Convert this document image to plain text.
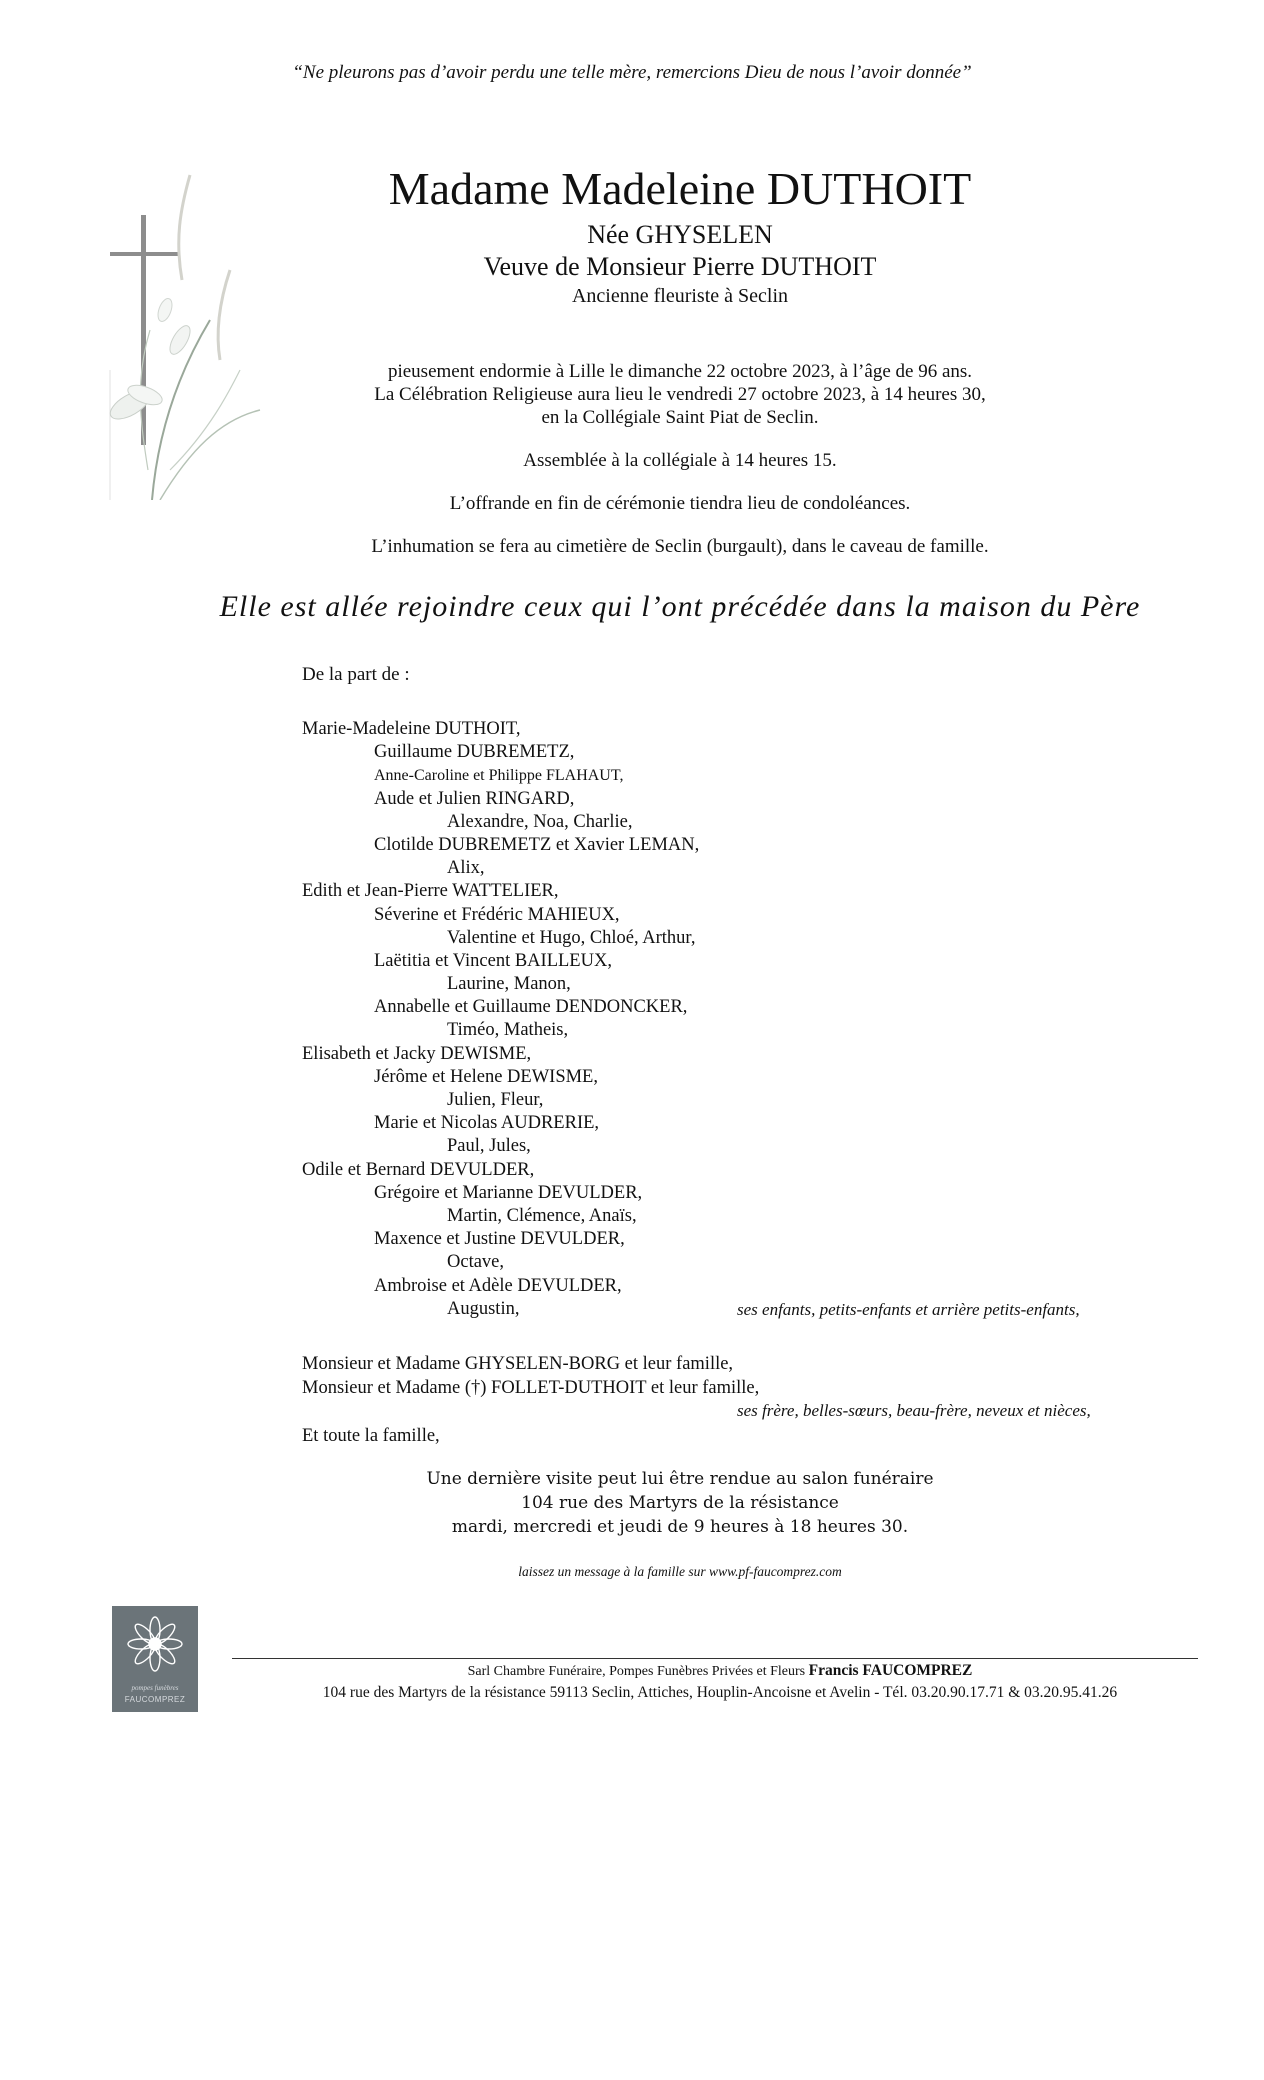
“Ne pleurons pas d’avoir perdu une telle mère, remercions Dieu de nous l’avoir donnée”
Madame Madeleine DUTHOIT
Née GHYSELEN
Veuve de Monsieur Pierre DUTHOIT
Ancienne fleuriste à Seclin
pieusement endormie à Lille le dimanche 22 octobre 2023, à l’âge de 96 ans.
La Célébration Religieuse aura lieu le vendredi 27 octobre 2023, à 14 heures 30,
en la Collégiale Saint Piat de Seclin.
Assemblée à la collégiale à 14 heures 15.
L’offrande en fin de cérémonie tiendra lieu de condoléances.
L’inhumation se fera au cimetière de Seclin (burgault), dans le caveau de famille.
Elle est allée rejoindre ceux qui l’ont précédée dans la maison du Père
De la part de :
Marie-Madeleine DUTHOIT,
Guillaume DUBREMETZ,
Anne-Caroline et Philippe FLAHAUT,
Aude et Julien RINGARD,
Alexandre, Noa, Charlie,
Clotilde DUBREMETZ et Xavier LEMAN,
Alix,
Edith et Jean-Pierre WATTELIER,
Séverine et Frédéric MAHIEUX,
Valentine et Hugo, Chloé, Arthur,
Laëtitia et Vincent BAILLEUX,
Laurine, Manon,
Annabelle et Guillaume DENDONCKER,
Timéo, Matheis,
Elisabeth et Jacky DEWISME,
Jérôme et Helene DEWISME,
Julien, Fleur,
Marie et Nicolas AUDRERIE,
Paul, Jules,
Odile et Bernard DEVULDER,
Grégoire et Marianne DEVULDER,
Martin, Clémence, Anaïs,
Maxence et Justine DEVULDER,
Octave,
Ambroise et Adèle DEVULDER,
Augustin,	ses enfants, petits-enfants et arrière petits-enfants,
Monsieur et Madame GHYSELEN-BORG et leur famille,
Monsieur et Madame (†) FOLLET-DUTHOIT et leur famille,
ses frère, belles-sœurs, beau-frère, neveux et nièces,
Et toute la famille,
Une dernière visite peut lui être rendue au salon funéraire
104 rue des Martyrs de la résistance
mardi, mercredi et jeudi de 9 heures à 18 heures 30.
laissez un message à la famille sur www.pf-faucomprez.com
pompes funèbres
FAUCOMPREZ
Sarl Chambre Funéraire, Pompes Funèbres Privées et Fleurs Francis FAUCOMPREZ
104 rue des Martyrs de la résistance 59113 Seclin, Attiches, Houplin-Ancoisne et Avelin - Tél. 03.20.90.17.71 & 03.20.95.41.26
